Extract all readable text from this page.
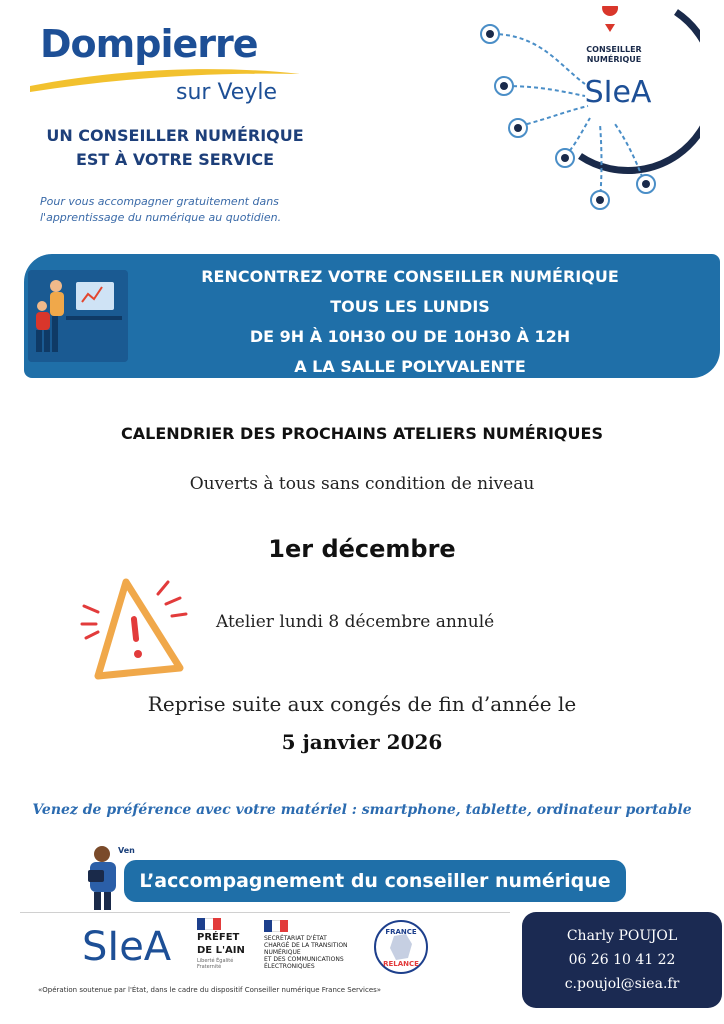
Dompierre
sur Veyle
UN CONSEILLER NUMÉRIQUE
EST À VOTRE SERVICE
Pour vous accompagner gratuitement dans
l'apprentissage du numérique au quotidien.
CONSEILLER
NUMÉRIQUE
SIeA
RENCONTREZ VOTRE CONSEILLER NUMÉRIQUE
TOUS LES LUNDIS
DE 9H À 10H30 OU DE 10H30 À 12H
A LA SALLE POLYVALENTE
CALENDRIER DES PROCHAINS ATELIERS NUMÉRIQUES
Ouverts à tous sans condition de niveau
1er décembre
Atelier lundi 8 décembre annulé
Reprise suite aux congés de fin d’année le
5 janvier 2026
Venez de préférence avec votre matériel : smartphone, tablette, ordinateur portable
Ven
L’accompagnement du conseiller numérique
SIeA	PRÉFET
DE L'AIN
Liberté Égalité Fraternité
SECRÉTARIAT D'ÉTAT
CHARGÉ DE LA TRANSITION
NUMÉRIQUE
ET DES COMMUNICATIONS
ÉLECTRONIQUES
FRANCE
RELANCE
«Opération soutenue par l'État, dans le cadre du dispositif Conseiller numérique France Services»
Charly POUJOL
06 26 10 41 22
c.poujol@siea.fr
